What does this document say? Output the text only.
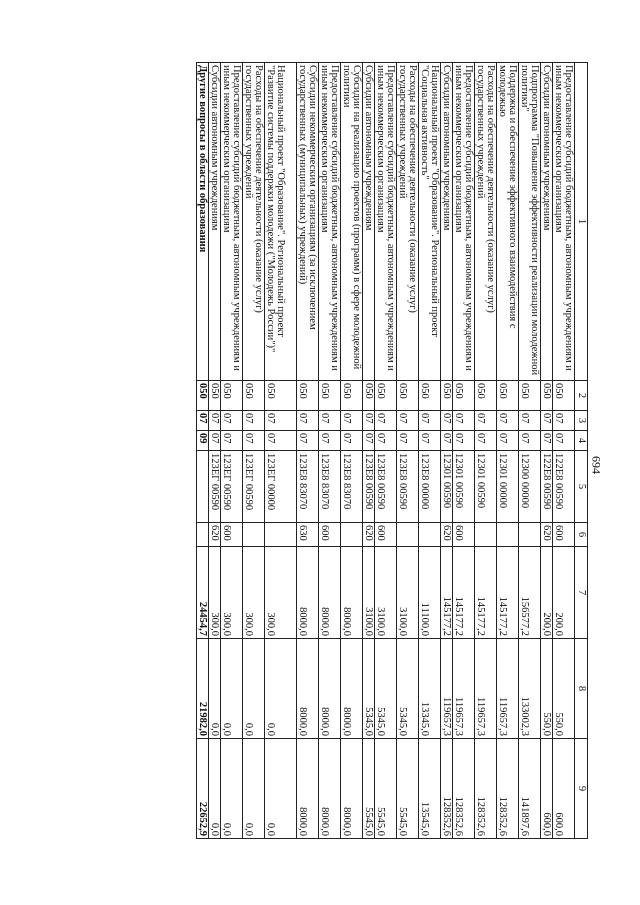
694
1	2	3	4	5	6	7	8	9
Предоставление субсидий бюджетным, автономным учреждениям и иным некоммерческим организациям	050	07	07	122Е8 00590	600	200,0	550,0	600,0
Субсидии автономным учреждениям	050	07	07	122Е8 00590	620	200,0	550,0	600,0
Подпрограмма "Повышение эффективности реализации молодежной политики"	050	07	07	12300 00000		156577,2	133002,3	141897,6
Поддержка и обеспечение эффективного взаимодействия с молодежью	050	07	07	12301 00000		145177,2	119657,3	128352,6
Расходы на обеспечение деятельности (оказание услуг) государственных учреждений	050	07	07	12301 00590		145177,2	119657,3	128352,6
Предоставление субсидий бюджетным, автономным учреждениям и иным некоммерческим организациям	050	07	07	12301 00590	600	145177,2	119657,3	128352,6
Субсидии автономным учреждениям	050	07	07	12301 00590	620	145177,2	119657,3	128352,6
Национальный проект "Образование". Региональный проект "Социальная активность"	050	07	07	123Е8 00000		11100,0	13345,0	13545,0
Расходы на обеспечение деятельности (оказание услуг) государственных учреждений	050	07	07	123Е8 00590		3100,0	5345,0	5545,0
Предоставление субсидий бюджетным, автономным учреждениям и иным некоммерческим организациям	050	07	07	123Е8 00590	600	3100,0	5345,0	5545,0
Субсидии автономным учреждениям	050	07	07	123Е8 00590	620	3100,0	5345,0	5545,0
Субсидии на реализацию проектов (программ) в сфере молодежной политики	050	07	07	123Е8 83070		8000,0	8000,0	8000,0
Предоставление субсидий бюджетным, автономным учреждениям и иным некоммерческим организациям	050	07	07	123Е8 83070	600	8000,0	8000,0	8000,0
Субсидии некоммерческим организациям (за исключением государственных (муниципальных) учреждений)	050	07	07	123Е8 83070	630	8000,0	8000,0	8000,0
Национальный проект "Образование". Региональный проект "Развитие системы поддержки молодежи ("Молодежь России")"	050	07	07	123ЕГ 00000		300,0	0,0	0,0
Расходы на обеспечение деятельности (оказание услуг) государственных учреждений	050	07	07	123ЕГ 00590		300,0	0,0	0,0
Предоставление субсидий бюджетным, автономным учреждениям и иным некоммерческим организациям	050	07	07	123ЕГ 00590	600	300,0	0,0	0,0
Субсидии автономным учреждениям	050	07	07	123ЕГ 00590	620	300,0	0,0	0,0
Другие вопросы в области образования	050	07	09			24454,7	21982,0	22652,9
